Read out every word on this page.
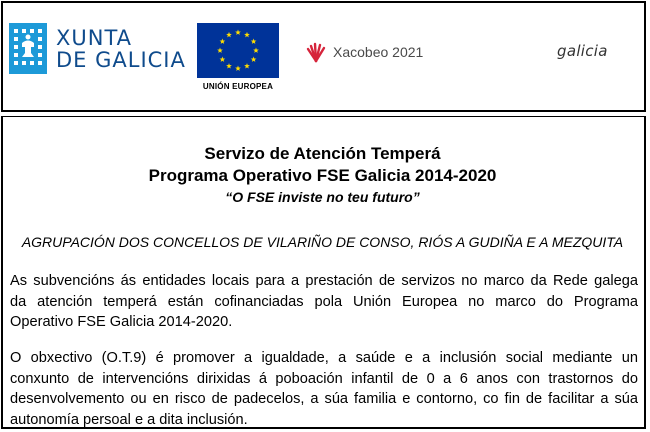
XUNTA
DE GALICIA
UNIÓN EUROPEA
Xacobeo 2021	galicia
Servizo de Atención Temperá
Programa Operativo FSE Galicia 2014-2020
“O FSE inviste no teu futuro”
AGRUPACIÓN DOS CONCELLOS DE VILARIÑO DE CONSO, RIÓS A GUDIÑA E A MEZQUITA
As subvencións ás entidades locais para a prestación de servizos no marco da Rede galega
da atención temperá están cofinanciadas pola Unión Europea no marco do Programa
Operativo FSE Galicia 2014-2020.
O obxectivo (O.T.9) é promover a igualdade, a saúde e a inclusión social mediante un
conxunto de intervencións dirixidas á poboación infantil de 0 a 6 anos con trastornos do
desenvolvemento ou en risco de padecelos, a súa familia e contorno, co fin de facilitar a súa
autonomía persoal e a dita inclusión.
